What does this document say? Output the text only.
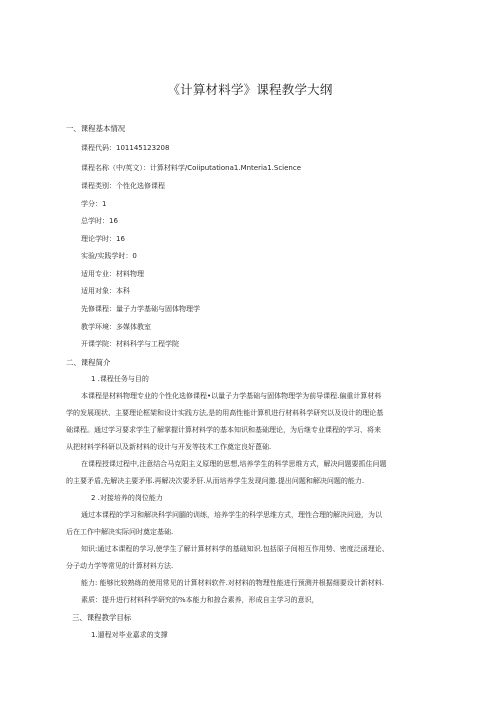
《计算材料学》课程教学大纲
一、课程基本情况
课程代码：101145123208
课程名称（中/英文）：计算材料学/Coiiputationa1.Mnteria1.Science
课程类别：个性化选修课程
学分：1
总学时：16
理论学时：16
实验/实践学时：0
适用专业：材料物理
适用对象：本科
先修课程：量子力学基础与固体物理学
教学环境：多媒体教室
开课学院：材料科学与工程学院
二、课程简介
1 .课程任务与目的
本课程是材料物理专业的个性化选修课程•以量子力学基础与固体物理学为前导课程.偏重计算材料
学的发展现状、主要理论框架和设计实践方法,是的用高性能计算机进行材料科学研究以及设计的理论基
础课程。通过学习要求学生了解掌握计算材料学的基本知识和基础理论，为后继专业课程的学习、将来
从把材料学科研以及新材料的设计与开发等技术工作奠定良好蓖础.
在课程授课过程中,注意结合马克阳主义原理的思想,培养学生的科学思维方式，解决问题要抓住问题
的主要矛盾,先解决主要矛邢.再解决次要矛肝.从而培养学生发现问邀.提出问题和解决问题的能力.
2 .对接培养的岗位能力
通过本课程的学习和解决科学问腼的训练，培养学生的科学思维方式，理性合理的解决问逊，为以
后在工作中解决实际问时奠定基础.
知识:通过本课程的学习,使学生了解计算材料学的基础知识.包括原子间相互作用势、密度泛函理论、
分子动力学等常见的计算材料方法.
能力: 能够比较熟练的使用常见的计算材料软件.对材料的物理性能进行预测并根据细要设计新材料.
素质：提升进行材料科学研究的%本能力和掠合素养，形成自主学习的意识，
三、课程教学目标
1.遛程对毕业嘉求的支撑
